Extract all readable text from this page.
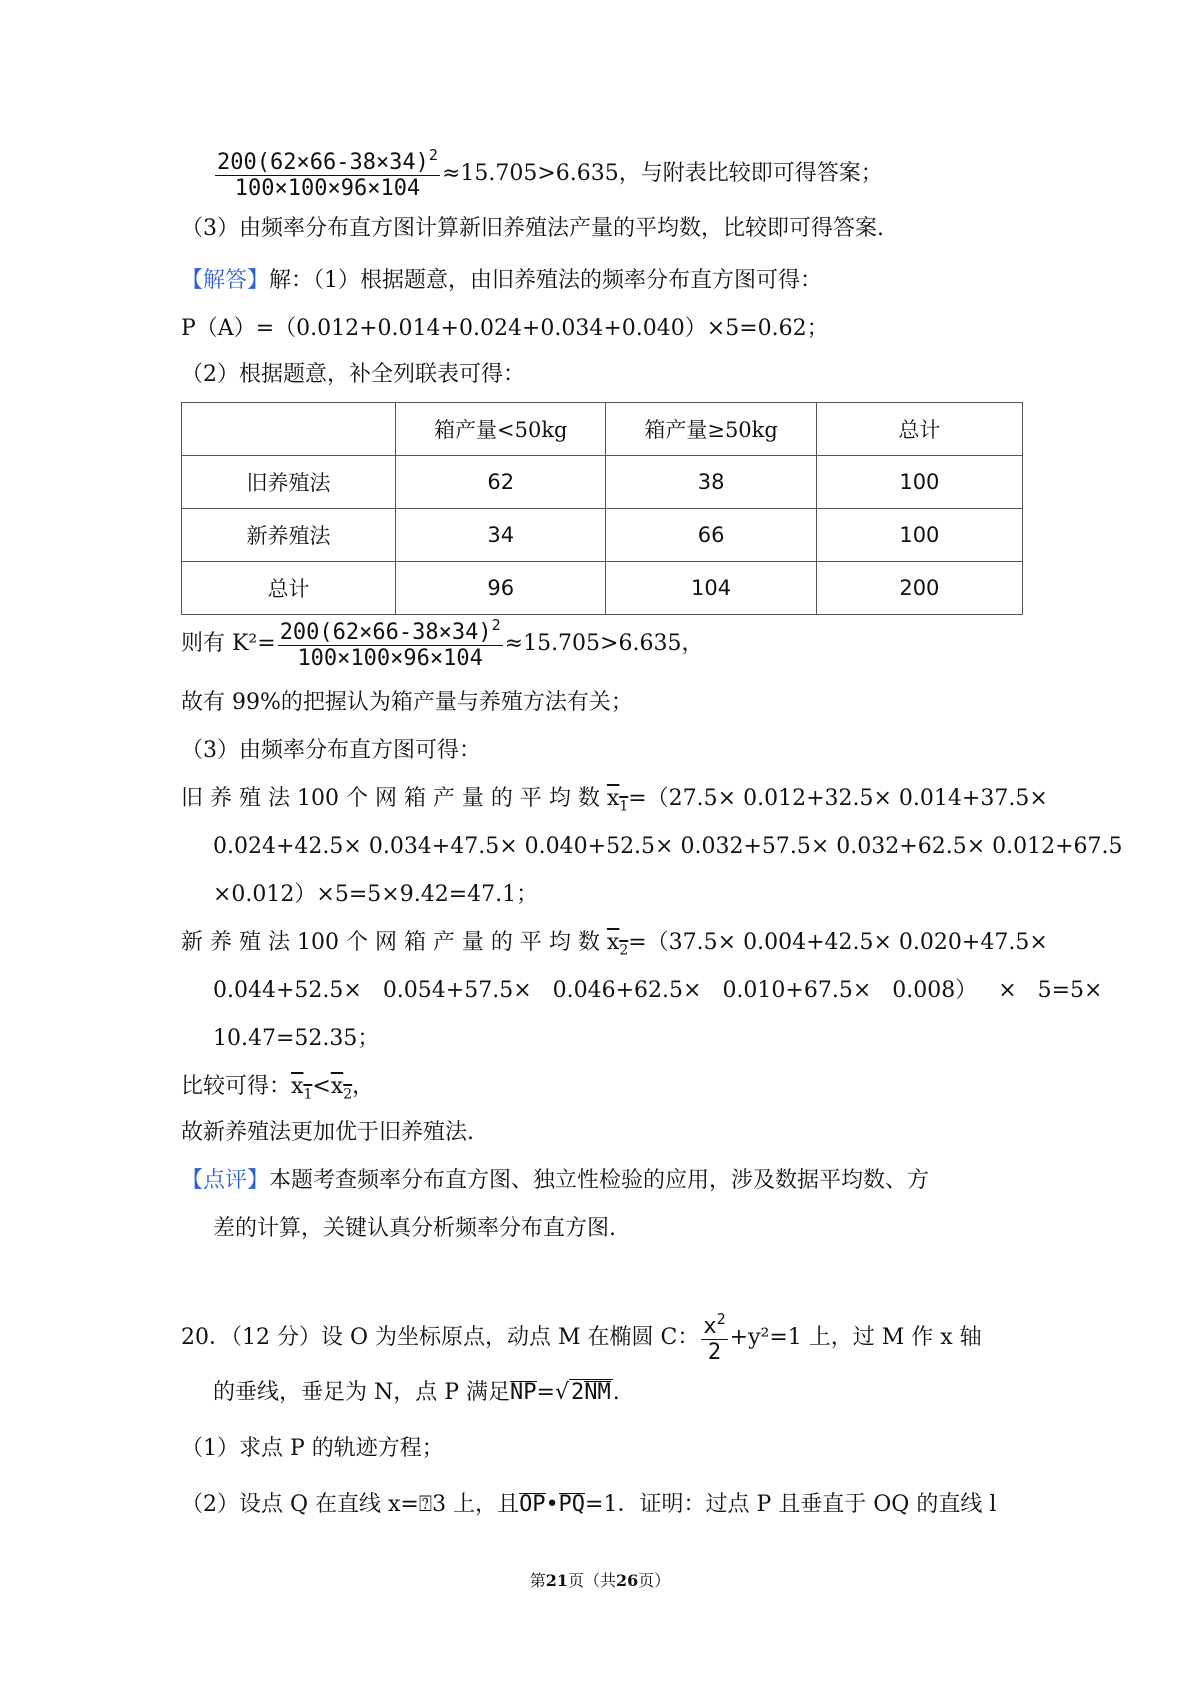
$\frac{200(62\times 66-38\times 34)^2}{100\times 100\times 96\times 104} \approx 15.705>6.635$，与附表比较即可得答案；
（3）由频率分布直方图计算新旧养殖法产量的平均数，比较即可得答案.
【解答】解：（1）根据题意，由旧养殖法的频率分布直方图可得：
P（A）=（0.012+0.014+0.024+0.034+0.040）×5=0.62；
（2）根据题意，补全列联表可得：
	箱产量<50kg	箱产量≥50kg	总计
旧养殖法	62	38	100
新养殖法	34	66	100
总计	96	104	200
则有 $K^2= \frac{200(62\times 66-38\times 34)^2}{100\times 100\times 96\times 104} \approx 15.705>6.635$，
故有 99%的把握认为箱产量与养殖方法有关；
（3）由频率分布直方图可得：
旧 养 殖 法 100 个 网 箱 产 量 的 平 均 数 $x_1=(27.5\times 0.012+32.5\times 0.014+37.5\times$
0.024+42.5× 0.034+47.5× 0.040+52.5× 0.032+57.5× 0.032+62.5× 0.012+67.5
×0.012）×5=5×9.42=47.1；
新 养 殖 法 100 个 网 箱 产 量 的 平 均 数 $x_2=(37.5\times 0.004+42.5\times 0.020+47.5\times$
0.044+52.5×   0.054+57.5×   0.046+62.5×   0.010+67.5×   0.008）   ×   5=5×
10.47=52.35；
比较可得：$x_1<x_2$，
故新养殖法更加优于旧养殖法.
【点评】本题考查频率分布直方图、独立性检验的应用，涉及数据平均数、方
差的计算，关键认真分析频率分布直方图.
20．（12 分）设 O 为坐标原点，动点 M 在椭圆 C： $\frac{x^2}{2} +y^2=1$ 上，过 M 作 x 轴
的垂线，垂足为 N，点 P 满足NP=√2NM.
（1）求点 P 的轨迹方程；
（2）设点 Q 在直线 x=⍰3 上，且OP•PQ=1．证明：过点 P 且垂直于 OQ 的直线 l
第21页（共26页）
